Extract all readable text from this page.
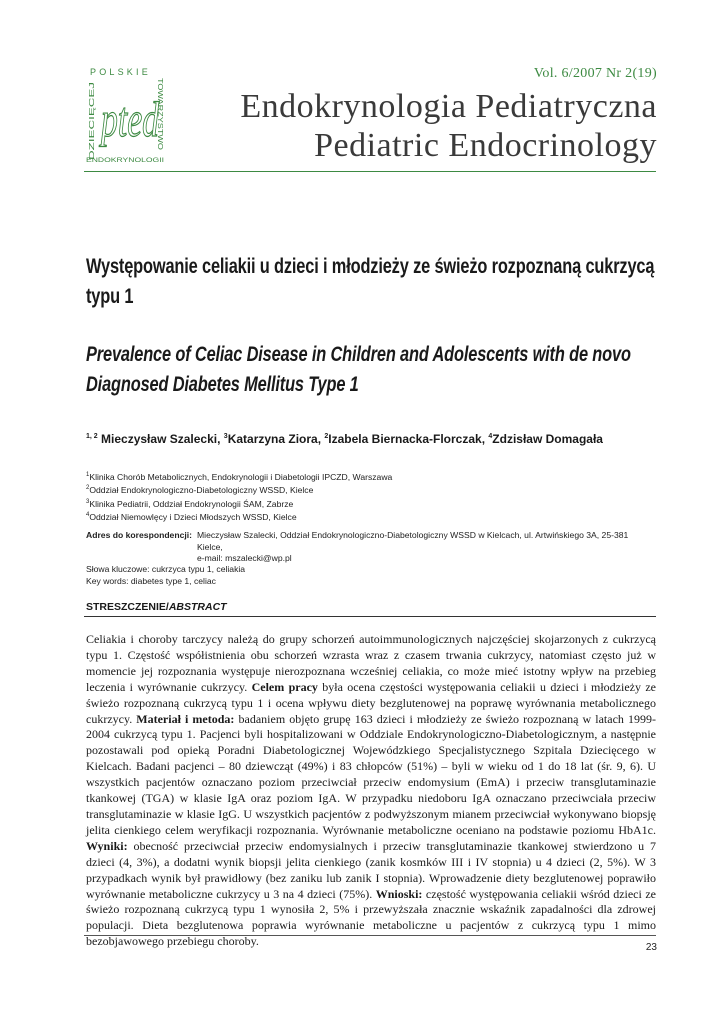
POLSKIE
DZIECIĘCEJ
TOWARZYSTWO
ENDOKRYNOLOGII
pted
Vol. 6/2007 Nr 2(19)
Endokrynologia Pediatryczna
Pediatric Endocrinology
Występowanie celiakii u dzieci i młodzieży ze świeżo rozpoznaną cukrzycą
typu 1
Prevalence of Celiac Disease in Children and Adolescents with de novo
Diagnosed Diabetes Mellitus Type 1
$^{1, 2}$ Mieczysław Szalecki, $^3$Katarzyna Ziora, $^2$Izabela Biernacka-Florczak, $^4$Zdzisław Domagała
$^1$Klinika Chorób Metabolicznych, Endokrynologii i Diabetologii IPCZD, Warszawa
$^2$Oddział Endokrynologiczno-Diabetologiczny WSSD, Kielce
$^3$Klinika Pediatrii, Oddział Endokrynologii ŚAM, Zabrze
$^4$Oddział Niemowlęcy i Dzieci Młodszych WSSD, Kielce
Adres do korespondencji: Mieczysław Szalecki, Oddział Endokrynologiczno-Diabetologiczny WSSD w Kielcach, ul. Artwińskiego 3A, 25-381 Kielce,
e-mail: mszalecki@wp.pl
Słowa kluczowe: cukrzyca typu 1, celiakia
Key words: diabetes type 1, celiac
STRESZCZENIE/ABSTRACT
Celiakia i choroby tarczycy należą do grupy schorzeń autoimmunologicznych najczęściej skojarzonych z cukrzycą typu 1. Częstość współistnienia obu schorzeń wzrasta wraz z czasem trwania cukrzycy, natomiast często już w momencie jej rozpoznania występuje nierozpoznana wcześniej celiakia, co może mieć istotny wpływ na przebieg leczenia i wyrównanie cukrzycy. Celem pracy była ocena częstości występowania celiakii u dzieci i młodzieży ze świeżo rozpoznaną cukrzycą typu 1 i ocena wpływu diety bezglutenowej na poprawę wyrównania metabolicznego cukrzycy. Materiał i metoda: badaniem objęto grupę 163 dzieci i młodzieży ze świeżo rozpoznaną w latach 1999-2004 cukrzycą typu 1. Pacjenci byli hospitalizowani w Oddziale Endokrynologiczno-Diabetologicznym, a następnie pozostawali pod opieką Poradni Diabetologicznej Wojewódzkiego Specjalistycznego Szpitala Dziecięcego w Kielcach. Badani pacjenci – 80 dziewcząt (49%) i 83 chłopców (51%) – byli w wieku od 1 do 18 lat (śr. 9, 6). U wszystkich pacjentów oznaczano poziom przeciwciał przeciw endomysium (EmA) i przeciw transglutaminazie tkankowej (TGA) w klasie IgA oraz poziom IgA. W przypadku niedoboru IgA oznaczano przeciwciała przeciw transglutaminazie w klasie IgG. U wszystkich pacjentów z podwyższonym mianem przeciwciał wykonywano biopsję jelita cienkiego celem weryfikacji rozpoznania. Wyrównanie metaboliczne oceniano na podstawie poziomu HbA1c. Wyniki: obecność przeciwciał przeciw endomysialnych i przeciw transglutaminazie tkankowej stwierdzono u 7 dzieci (4, 3%), a dodatni wynik biopsji jelita cienkiego (zanik kosmków III i IV stopnia) u 4 dzieci (2, 5%). W 3 przypadkach wynik był prawidłowy (bez zaniku lub zanik I stopnia). Wprowadzenie diety bezglutenowej poprawiło wyrównanie metaboliczne cukrzycy u 3 na 4 dzieci (75%). Wnioski: częstość występowania celiakii wśród dzieci ze świeżo rozpoznaną cukrzycą typu 1 wynosiła 2, 5% i przewyższała znacznie wskaźnik zapadalności dla zdrowej populacji. Dieta bezglutenowa poprawia wyrównanie metaboliczne u pacjentów z cukrzycą typu 1 mimo bezobjawowego przebiegu choroby.	23
